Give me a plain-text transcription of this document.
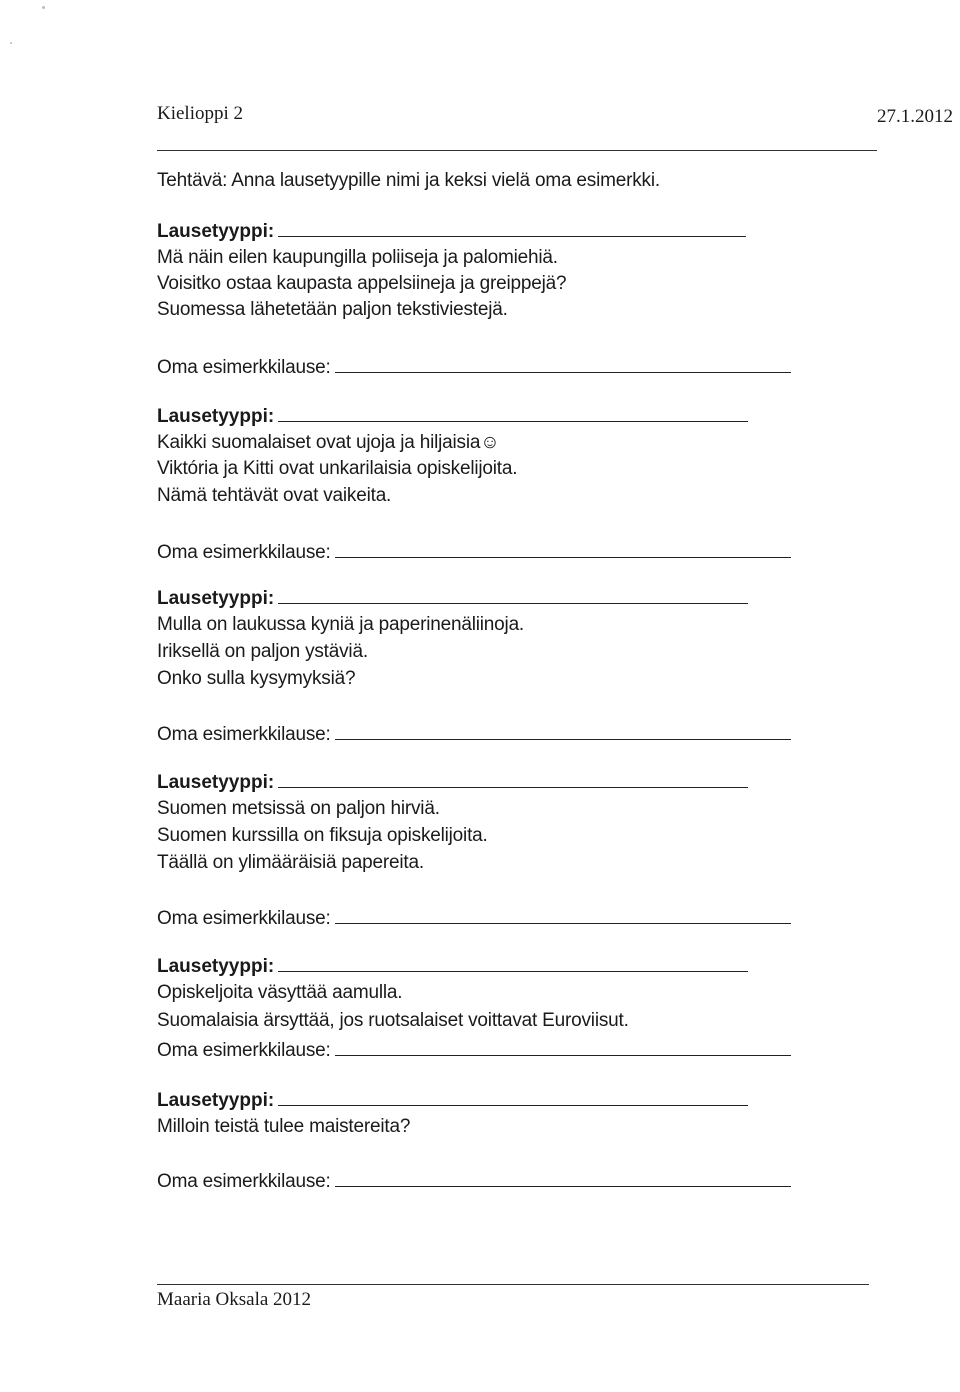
Kielioppi 2	27.1.2012
Tehtävä: Anna lausetyypille nimi ja keksi vielä oma esimerkki.
Lausetyyppi:
Mä näin eilen kaupungilla poliiseja ja palomiehiä.
Voisitko ostaa kaupasta appelsiineja ja greippejä?
Suomessa lähetetään paljon tekstiviestejä.
Oma esimerkkilause:
Lausetyyppi:
Kaikki suomalaiset ovat ujoja ja hiljaisia☺
Viktória ja Kitti ovat unkarilaisia opiskelijoita.
Nämä tehtävät ovat vaikeita.
Oma esimerkkilause:
Lausetyyppi:
Mulla on laukussa kyniä ja paperinenäliinoja.
Iriksellä on paljon ystäviä.
Onko sulla kysymyksiä?
Oma esimerkkilause:
Lausetyyppi:
Suomen metsissä on paljon hirviä.
Suomen kurssilla on fiksuja opiskelijoita.
Täällä on ylimääräisiä papereita.
Oma esimerkkilause:
Lausetyyppi:
Opiskeljoita väsyttää aamulla.
Suomalaisia ärsyttää, jos ruotsalaiset voittavat Euroviisut.
Oma esimerkkilause:
Lausetyyppi:
Milloin teistä tulee maistereita?
Oma esimerkkilause:
Maaria Oksala 2012
